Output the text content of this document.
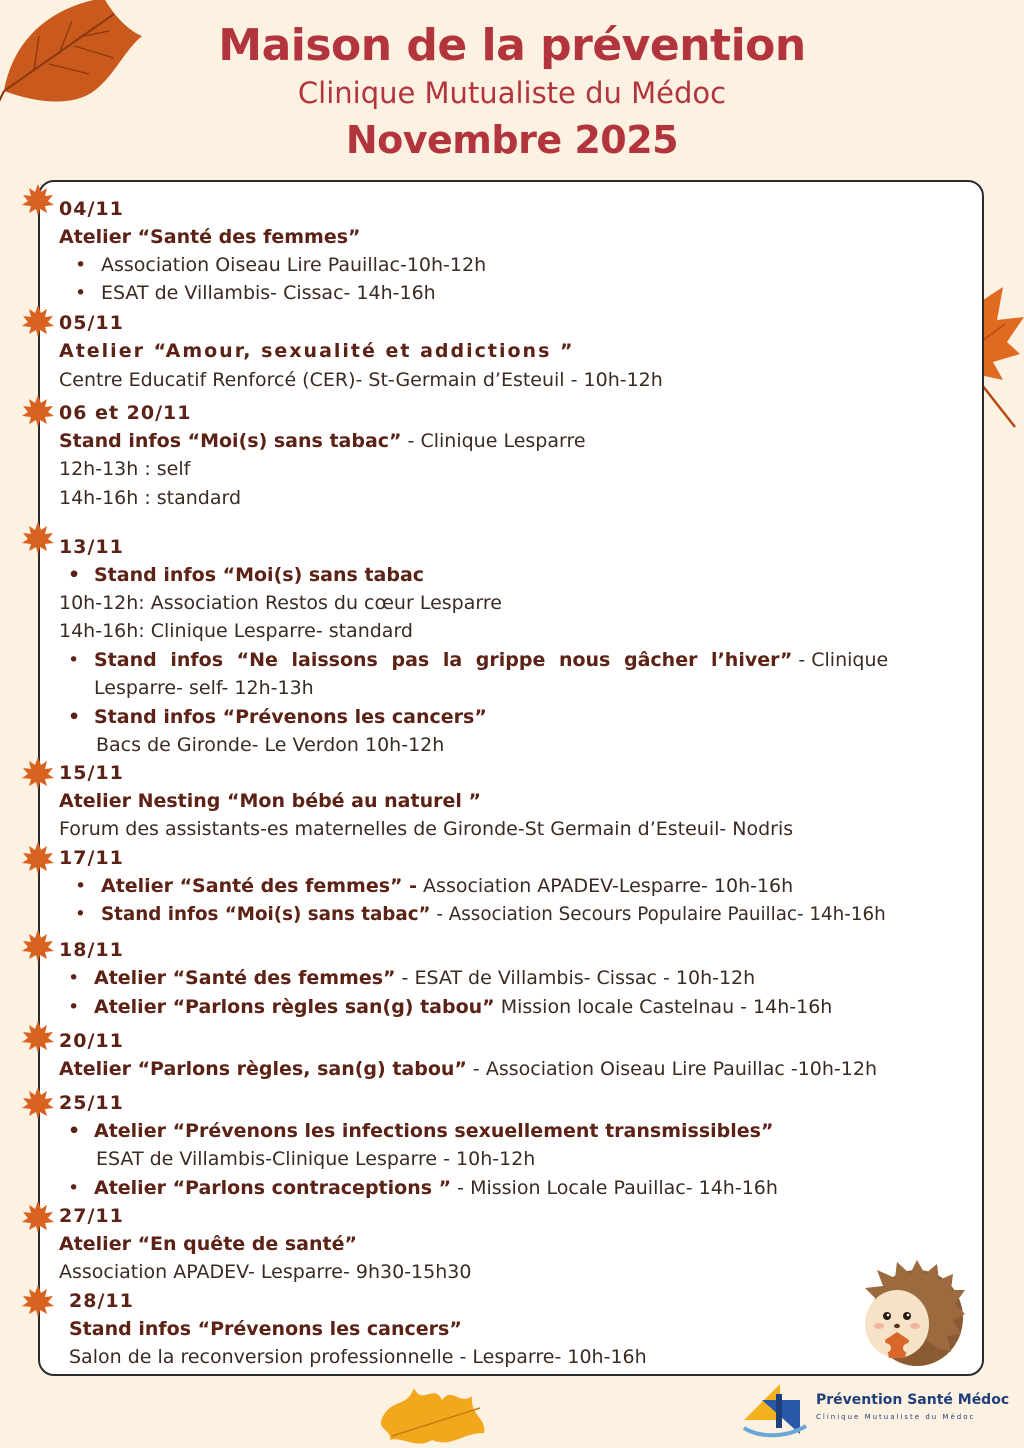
Maison de la prévention
Clinique Mutualiste du Médoc
Novembre 2025
04/11
Atelier “Santé des femmes”
• Association Oiseau Lire Pauillac-10h-12h
• ESAT de Villambis- Cissac- 14h-16h
05/11
Atelier “Amour, sexualité et addictions ”
Centre Educatif Renforcé (CER)- St-Germain d’Esteuil - 10h-12h
06 et 20/11
Stand infos “Moi(s) sans tabac” - Clinique Lesparre
12h-13h : self
14h-16h : standard
13/11
• Stand infos “Moi(s) sans tabac
10h-12h: Association Restos du cœur Lesparre
14h-16h: Clinique Lesparre- standard
• Stand infos “Ne laissons pas la grippe nous gâcher l’hiver” - Clinique
Lesparre- self- 12h-13h
• Stand infos “Prévenons les cancers”
Bacs de Gironde- Le Verdon 10h-12h
15/11
Atelier Nesting “Mon bébé au naturel ”
Forum des assistants-es maternelles de Gironde-St Germain d’Esteuil- Nodris
17/11
• Atelier “Santé des femmes” - Association APADEV-Lesparre- 10h-16h
• Stand infos “Moi(s) sans tabac” - Association Secours Populaire Pauillac- 14h-16h
18/11
• Atelier “Santé des femmes” - ESAT de Villambis- Cissac - 10h-12h
• Atelier “Parlons règles san(g) tabou” Mission locale Castelnau - 14h-16h
20/11
Atelier “Parlons règles, san(g) tabou” - Association Oiseau Lire Pauillac -10h-12h
25/11
• Atelier “Prévenons les infections sexuellement transmissibles”
ESAT de Villambis-Clinique Lesparre - 10h-12h
• Atelier “Parlons contraceptions ” - Mission Locale Pauillac- 14h-16h
27/11
Atelier “En quête de santé”
Association APADEV- Lesparre- 9h30-15h30
28/11
Stand infos “Prévenons les cancers”
Salon de la reconversion professionnelle - Lesparre- 10h-16h
Prévention Santé Médoc
Clinique Mutualiste du Médoc
